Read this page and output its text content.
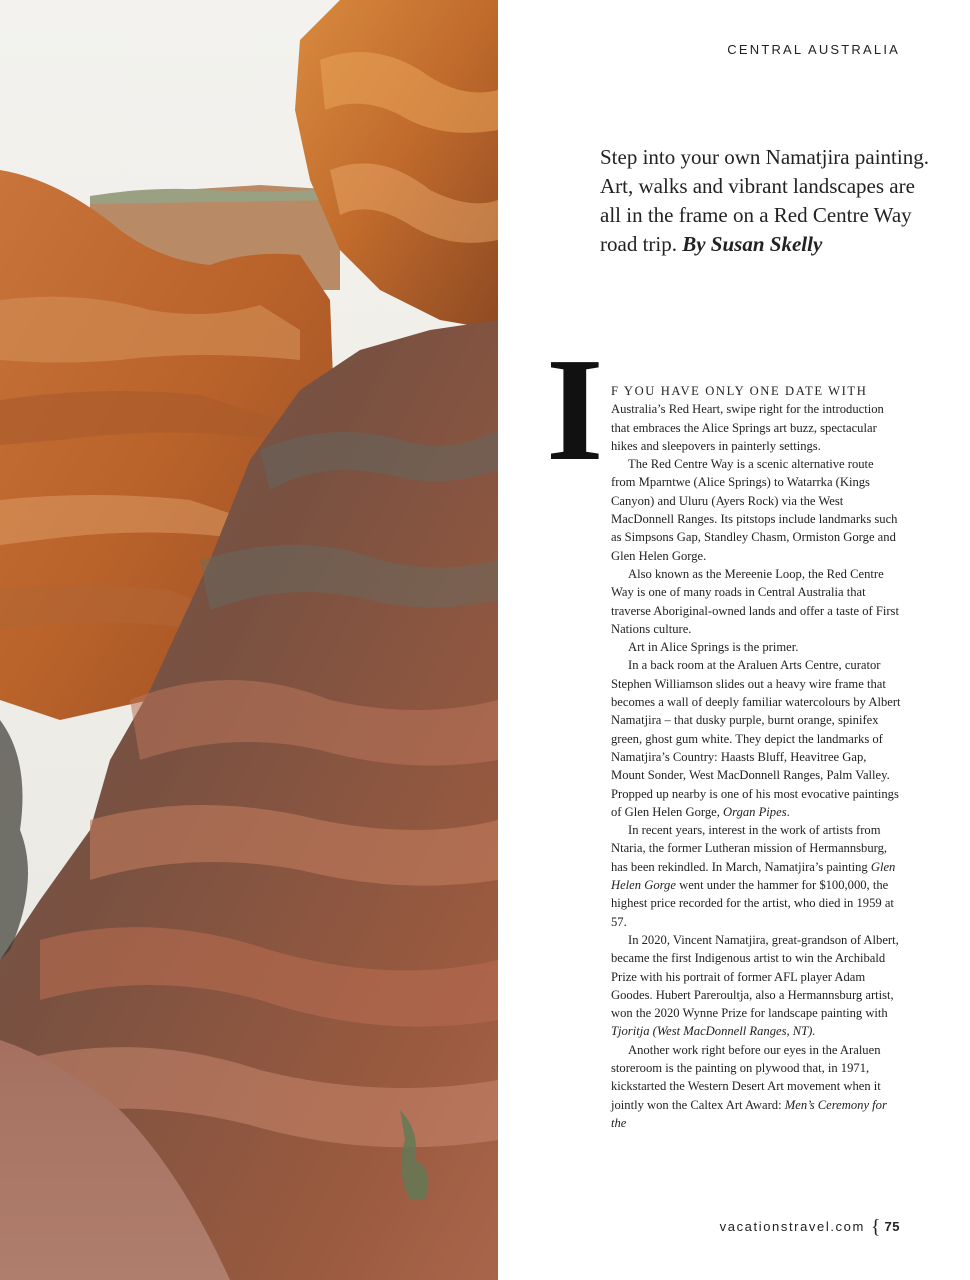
CENTRAL AUSTRALIA
Step into your own Namatjira painting. Art, walks and vibrant landscapes are all in the frame on a Red Centre Way road trip. By Susan Skelly
I F YOU HAVE ONLY ONE DATE WITH Australia’s Red Heart, swipe right for the introduction that embraces the Alice Springs art buzz, spectacular hikes and sleepovers in painterly settings.

The Red Centre Way is a scenic alternative route from Mparntwe (Alice Springs) to Watarrka (Kings Canyon) and Uluru (Ayers Rock) via the West MacDonnell Ranges. Its pitstops include landmarks such as Simpsons Gap, Standley Chasm, Ormiston Gorge and Glen Helen Gorge.

Also known as the Mereenie Loop, the Red Centre Way is one of many roads in Central Australia that traverse Aboriginal-owned lands and offer a taste of First Nations culture.

Art in Alice Springs is the primer.

In a back room at the Araluen Arts Centre, curator Stephen Williamson slides out a heavy wire frame that becomes a wall of deeply familiar watercolours by Albert Namatjira – that dusky purple, burnt orange, spinifex green, ghost gum white. They depict the landmarks of Namatjira’s Country: Haasts Bluff, Heavitree Gap, Mount Sonder, West MacDonnell Ranges, Palm Valley. Propped up nearby is one of his most evocative paintings of Glen Helen Gorge, Organ Pipes.

In recent years, interest in the work of artists from Ntaria, the former Lutheran mission of Hermannsburg, has been rekindled. In March, Namatjira’s painting Glen Helen Gorge went under the hammer for $100,000, the highest price recorded for the artist, who died in 1959 at 57.

In 2020, Vincent Namatjira, great-grandson of Albert, became the first Indigenous artist to win the Archibald Prize with his portrait of former AFL player Adam Goodes. Hubert Pareroultja, also a Hermannsburg artist, won the 2020 Wynne Prize for landscape painting with Tjoritja (West MacDonnell Ranges, NT).

Another work right before our eyes in the Araluen storeroom is the painting on plywood that, in 1971, kickstarted the Western Desert Art movement when it jointly won the Caltex Art Award: Men’s Ceremony for the

vacationstravel.com { 75
